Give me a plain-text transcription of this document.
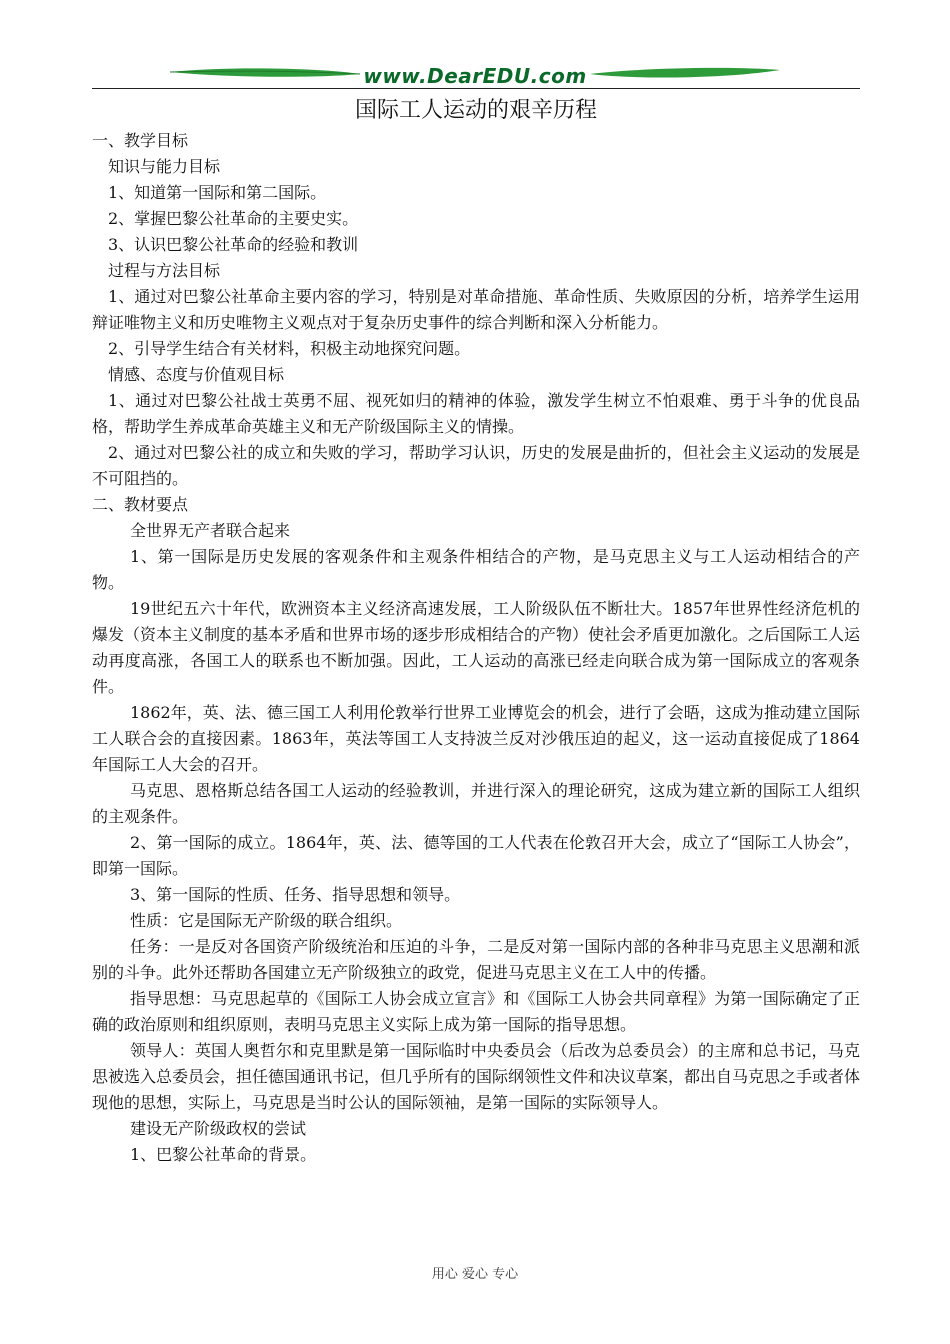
www.DearEDU.com
国际工人运动的艰辛历程

一、教学目标

知识与能力目标

1、知道第一国际和第二国际。

2、掌握巴黎公社革命的主要史实。

3、认识巴黎公社革命的经验和教训

过程与方法目标

1、通过对巴黎公社革命主要内容的学习，特别是对革命措施、革命性质、失败原因的分析，培养学生运用辩证唯物主义和历史唯物主义观点对于复杂历史事件的综合判断和深入分析能力。

2、引导学生结合有关材料，积极主动地探究问题。

情感、态度与价值观目标

1、通过对巴黎公社战士英勇不屈、视死如归的精神的体验，激发学生树立不怕艰难、勇于斗争的优良品格，帮助学生养成革命英雄主义和无产阶级国际主义的情操。

2、通过对巴黎公社的成立和失败的学习，帮助学习认识，历史的发展是曲折的，但社会主义运动的发展是不可阻挡的。

二、教材要点

全世界无产者联合起来

1、第一国际是历史发展的客观条件和主观条件相结合的产物，是马克思主义与工人运动相结合的产物。

19世纪五六十年代，欧洲资本主义经济高速发展，工人阶级队伍不断壮大。1857年世界性经济危机的爆发（资本主义制度的基本矛盾和世界市场的逐步形成相结合的产物）使社会矛盾更加激化。之后国际工人运动再度高涨，各国工人的联系也不断加强。因此，工人运动的高涨已经走向联合成为第一国际成立的客观条件。

1862年，英、法、德三国工人利用伦敦举行世界工业博览会的机会，进行了会晤，这成为推动建立国际工人联合会的直接因素。1863年，英法等国工人支持波兰反对沙俄压迫的起义，这一运动直接促成了1864年国际工人大会的召开。

马克思、恩格斯总结各国工人运动的经验教训，并进行深入的理论研究，这成为建立新的国际工人组织的主观条件。

2、第一国际的成立。1864年，英、法、德等国的工人代表在伦敦召开大会，成立了“国际工人协会”，即第一国际。

3、第一国际的性质、任务、指导思想和领导。

性质：它是国际无产阶级的联合组织。

任务：一是反对各国资产阶级统治和压迫的斗争，二是反对第一国际内部的各种非马克思主义思潮和派别的斗争。此外还帮助各国建立无产阶级独立的政党，促进马克思主义在工人中的传播。

指导思想：马克思起草的《国际工人协会成立宣言》和《国际工人协会共同章程》为第一国际确定了正确的政治原则和组织原则，表明马克思主义实际上成为第一国际的指导思想。

领导人：英国人奥哲尔和克里默是第一国际临时中央委员会（后改为总委员会）的主席和总书记，马克思被选入总委员会，担任德国通讯书记，但几乎所有的国际纲领性文件和决议草案，都出自马克思之手或者体现他的思想，实际上，马克思是当时公认的国际领袖，是第一国际的实际领导人。

建设无产阶级政权的尝试

1、巴黎公社革命的背景。

用心 爱心 专心
